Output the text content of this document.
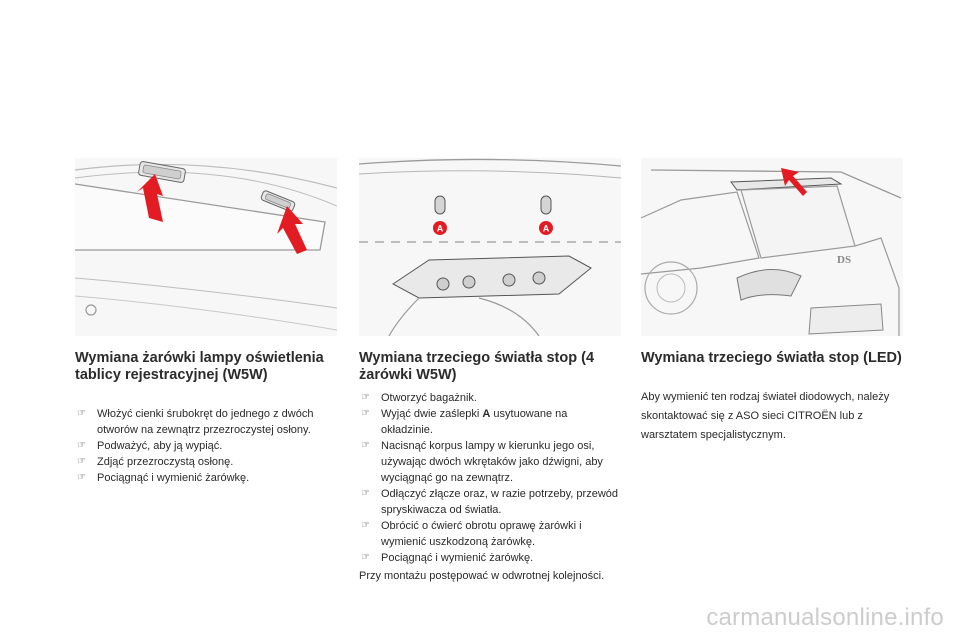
Wymiana żarówki lampy oświetlenia tablicy rejestracyjnej (W5W)
☞ Włożyć cienki śrubokręt do jednego z dwóch otworów na zewnątrz przezroczystej osłony.
☞ Podważyć, aby ją wypiąć.
☞ Zdjąć przezroczystą osłonę.
☞ Pociągnąć i wymienić żarówkę.
A	A
Wymiana trzeciego światła stop (4 żarówki W5W)
☞ Otworzyć bagażnik.
☞ Wyjąć dwie zaślepki A usytuowane na okładzinie.
☞ Nacisnąć korpus lampy w kierunku jego osi, używając dwóch wkrętaków jako dźwigni, aby wyciągnąć go na zewnątrz.
☞ Odłączyć złącze oraz, w razie potrzeby, przewód spryskiwacza od światła.
☞ Obrócić o ćwierć obrotu oprawę żarówki i wymienić uszkodzoną żarówkę.
☞ Pociągnąć i wymienić żarówkę.

Przy montażu postępować w odwrotnej kolejności.

DS
Wymiana trzeciego światła stop (LED)

Aby wymienić ten rodzaj świateł diodowych, należy skontaktować się z ASO sieci CITROËN lub z warsztatem specjalistycznym.

carmanualsonline.info
